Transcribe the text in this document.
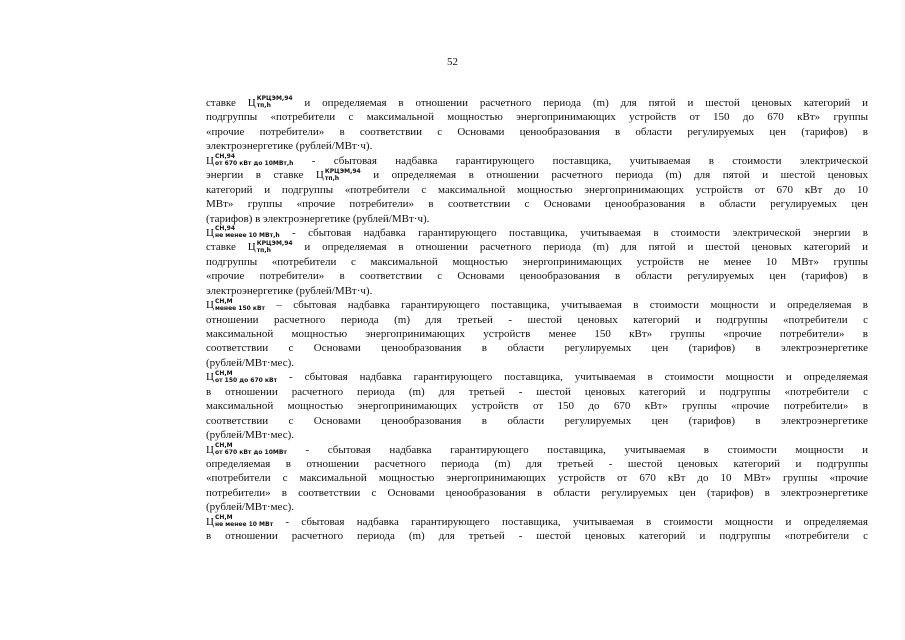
52
ставке Ц КРЦЭМ,94
тп,h	и определяемая в отношении расчетного периода (m) для пятой и шестой ценовых категорий и
подгруппы «потребители с максимальной мощностью энергопринимающих устройств от 150 до 670 кВт» группы
«прочие потребители» в соответствии с Основами ценообразования в области регулируемых цен (тарифов) в
электроэнергетике (рублей/МВт·ч).
Ц СН,94
от 670 кВт до 10МВт,h - сбытовая надбавка гарантирующего поставщика, учитываемая в стоимости электрической
энергии в ставке Ц КРЦЭМ,94
тп,h	и определяемая в отношении расчетного периода (m) для пятой и шестой ценовых
категорий и подгруппы «потребители с максимальной мощностью энергопринимающих устройств от 670 кВт до 10
МВт» группы «прочие потребители» в соответствии с Основами ценообразования в области регулируемых цен
(тарифов) в электроэнергетике (рублей/МВт·ч).
Ц СН,94
не менее 10 МВт,h - сбытовая надбавка гарантирующего поставщика, учитываемая в стоимости электрической энергии в
ставке Ц КРЦЭМ,94
тп,h	и определяемая в отношении расчетного периода (m) для пятой и шестой ценовых категорий и
подгруппы «потребители с максимальной мощностью энергопринимающих устройств не менее 10 МВт» группы
«прочие потребители» в соответствии с Основами ценообразования в области регулируемых цен (тарифов) в
электроэнергетике (рублей/МВт·ч).
Ц СН,М
менее 150 кВт – сбытовая надбавка гарантирующего поставщика, учитываемая в стоимости мощности и определяемая в
отношении расчетного периода (m) для третьей - шестой ценовых категорий и подгруппы «потребители с
максимальной мощностью энергопринимающих устройств менее 150 кВт» группы «прочие потребители» в
соответствии с Основами ценообразования в области регулируемых цен (тарифов) в электроэнергетике
(рублей/МВт·мес).
Ц СН,М
от 150 до 670 кВт - сбытовая надбавка гарантирующего поставщика, учитываемая в стоимости мощности и определяемая
в отношении расчетного периода (m) для третьей - шестой ценовых категорий и подгруппы «потребители с
максимальной мощностью энергопринимающих устройств от 150 до 670 кВт» группы «прочие потребители» в
соответствии с Основами ценообразования в области регулируемых цен (тарифов) в электроэнергетике
(рублей/МВт·мес).
Ц СН,М
от 670 кВт до 10МВт - сбытовая надбавка гарантирующего поставщика, учитываемая в стоимости мощности и
определяемая в отношении расчетного периода (m) для третьей - шестой ценовых категорий и подгруппы
«потребители с максимальной мощностью энергопринимающих устройств от 670 кВт до 10 МВт» группы «прочие
потребители» в соответствии с Основами ценообразования в области регулируемых цен (тарифов) в электроэнергетике
(рублей/МВт·мес).
Ц СН,М
не менее 10 МВт - сбытовая надбавка гарантирующего поставщика, учитываемая в стоимости мощности и определяемая
в отношении расчетного периода (m) для третьей - шестой ценовых категорий и подгруппы «потребители с
